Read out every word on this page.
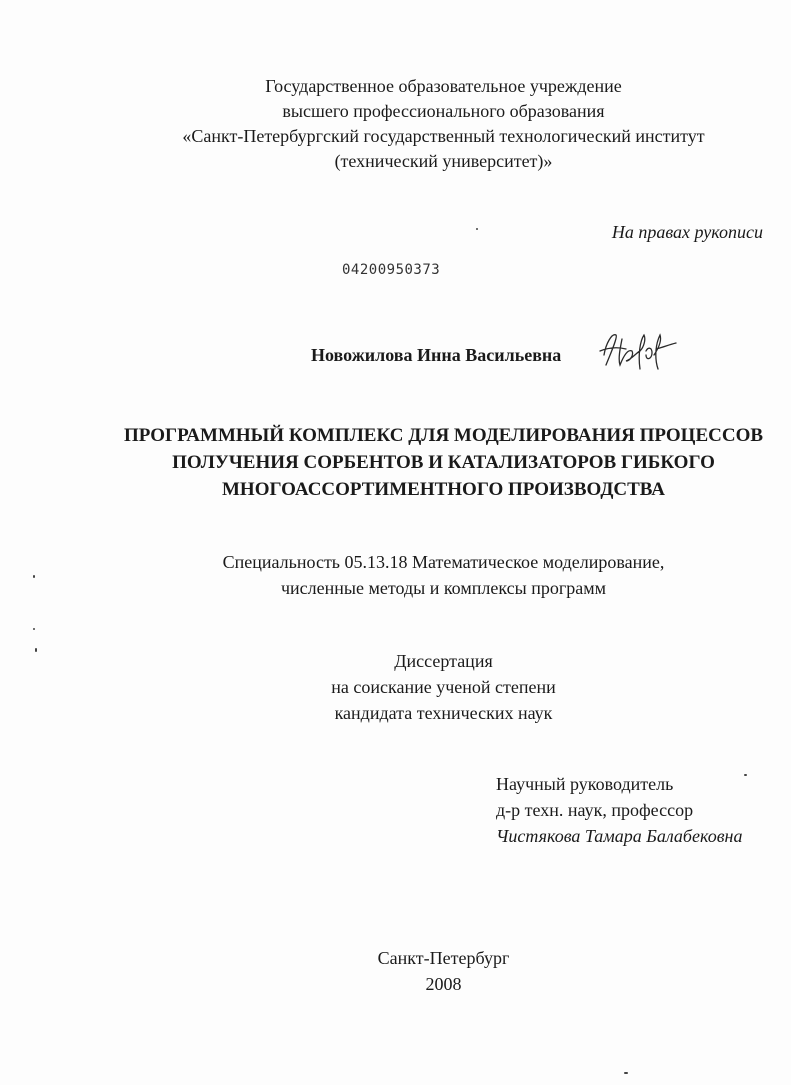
Государственное образовательное учреждение
высшего профессионального образования
«Санкт-Петербургский государственный технологический институт
(технический университет)»
На правах рукописи
04200950373
Новожилова Инна Васильевна
ПРОГРАММНЫЙ КОМПЛЕКС ДЛЯ МОДЕЛИРОВАНИЯ ПРОЦЕССОВ
ПОЛУЧЕНИЯ СОРБЕНТОВ И КАТАЛИЗАТОРОВ ГИБКОГО
МНОГОАССОРТИМЕНТНОГО ПРОИЗВОДСТВА
Специальность 05.13.18 Математическое моделирование,
численные методы и комплексы программ
Диссертация
на соискание ученой степени
кандидата технических наук
Научный руководитель
д-р техн. наук, профессор
Чистякова Тамара Балабековна
Санкт-Петербург
2008
